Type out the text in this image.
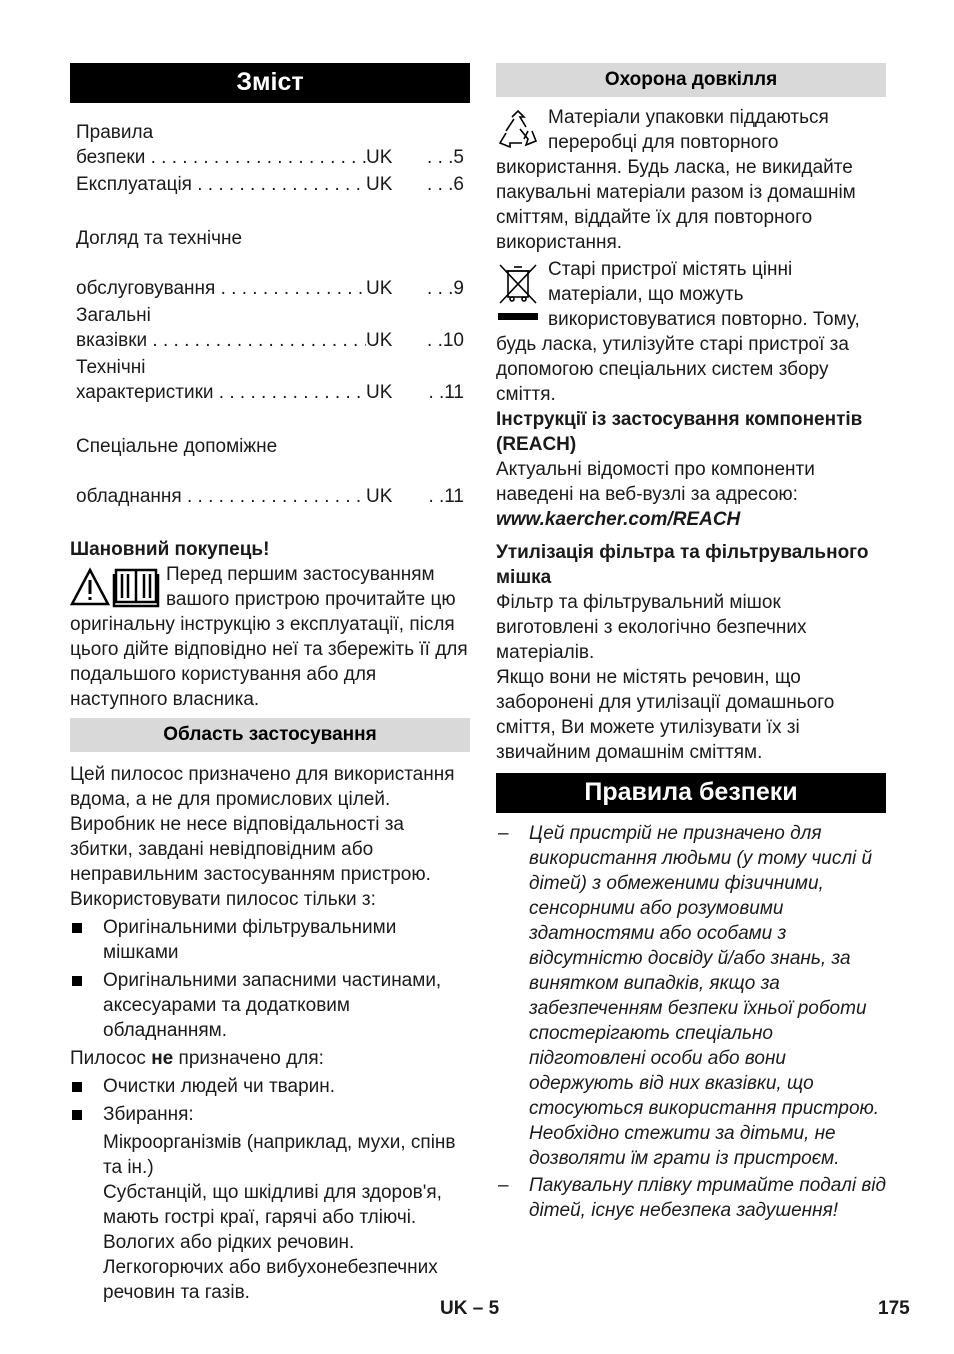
Зміст
Правила безпеки . . .	UK	. . .5
Експлуатація . . .	UK	. . .6

Догляд та технічне

обслуговування . . .	UK	. . .9
Загальні вказівки . . .	UK	. .10
Технічні характеристики . . .	UK	. .11

Спеціальне допоміжне

обладнання . . .	UK	. .11
Шановний покупець!

Перед першим застосуванням вашого пристрою прочитайте цю оригінальну інструкцію з експлуатації, після цього дійте відповідно неї та збережіть її для подальшого користування або для наступного власника.

Область застосування

Цей пилосос призначено для використання вдома, а не для промислових цілей.

Виробник не несе відповідальності за збитки, завдані невідповідним або неправильним застосуванням пристрою.

Використовувати пилосос тільки з:

Оригінальними фільтрувальними мішками
Оригінальними запасними частинами, аксесуарами та додатковим обладнанням.

Пилосос не призначено для:

Очистки людей чи тварин.
Збирання:
Мікроорганізмів (наприклад, мухи, спінв та ін.)
Субстанцій, що шкідливі для здоров'я, мають гострі краї, гарячі або тліючі.
Вологих або рідких речовин.
Легкогорючих або вибухонебезпечних речовин та газів.
Охорона довкілля

Матеріали упаковки піддаються переробці для повторного використання. Будь ласка, не викидайте пакувальні матеріали разом із домашнім сміттям, віддайте їх для повторного використання.

Старі пристрої містять цінні матеріали, що можуть використовуватися повторно. Тому, будь ласка, утилізуйте старі пристрої за допомогою спеціальних систем збору сміття.

Інструкції із застосування компонентів (REACH)

Актуальні відомості про компоненти наведені на веб-вузлі за адресою:

www.kaercher.com/REACH
Утилізація фільтра та фільтрувального мішка

Фільтр та фільтрувальний мішок виготовлені з екологічно безпечних матеріалів.

Якщо вони не містять речовин, що заборонені для утилізації домашнього сміття, Ви можете утилізувати їх зі звичайним домашнім сміттям.

Правила безпеки
– Цей пристрій не призначено для використання людьми (у тому числі й дітей) з обмеженими фізичними, сенсорними або розумовими здатностями або особами з відсутністю досвіду й/або знань, за винятком випадків, якщо за забезпеченням безпеки їхньої роботи спостерігають спеціально підготовлені особи або вони одержують від них вказівки, що стосуються використання пристрою. Необхідно стежити за дітьми, не дозволяти їм грати із пристроєм.
– Пакувальну плівку тримайте подалі від дітей, існує небезпека задушення!
UK – 5	175
